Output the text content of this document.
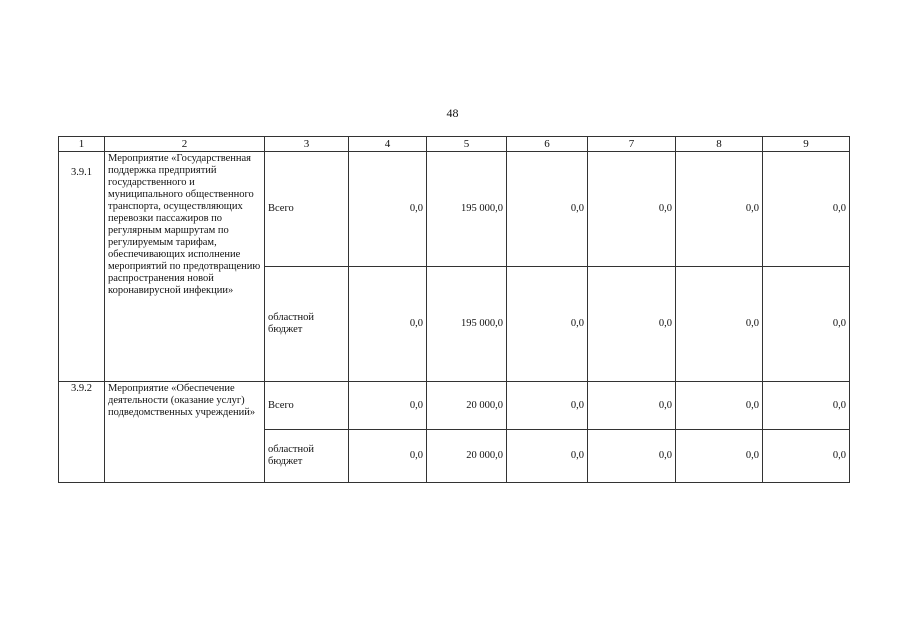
48
1	2	3	4	5	6	7	8	9

3.9.1	Мероприятие «Государственная поддержка предприятий государственного и муниципального общественного транспорта, осуществляющих перевозки пассажиров по регулярным маршрутам по регулируемым тарифам, обеспечивающих исполнение мероприятий по предотвращению распространения новой коронавирусной инфекции»	Всего	0,0	195 000,0	0,0	0,0	0,0	0,0
		областной бюджет	0,0	195 000,0	0,0	0,0	0,0	0,0
3.9.2	Мероприятие «Обеспечение деятельности (оказание услуг) подведомственных учреждений»	Всего	0,0	20 000,0	0,0	0,0	0,0	0,0
		областной бюджет	0,0	20 000,0	0,0	0,0	0,0	0,0
